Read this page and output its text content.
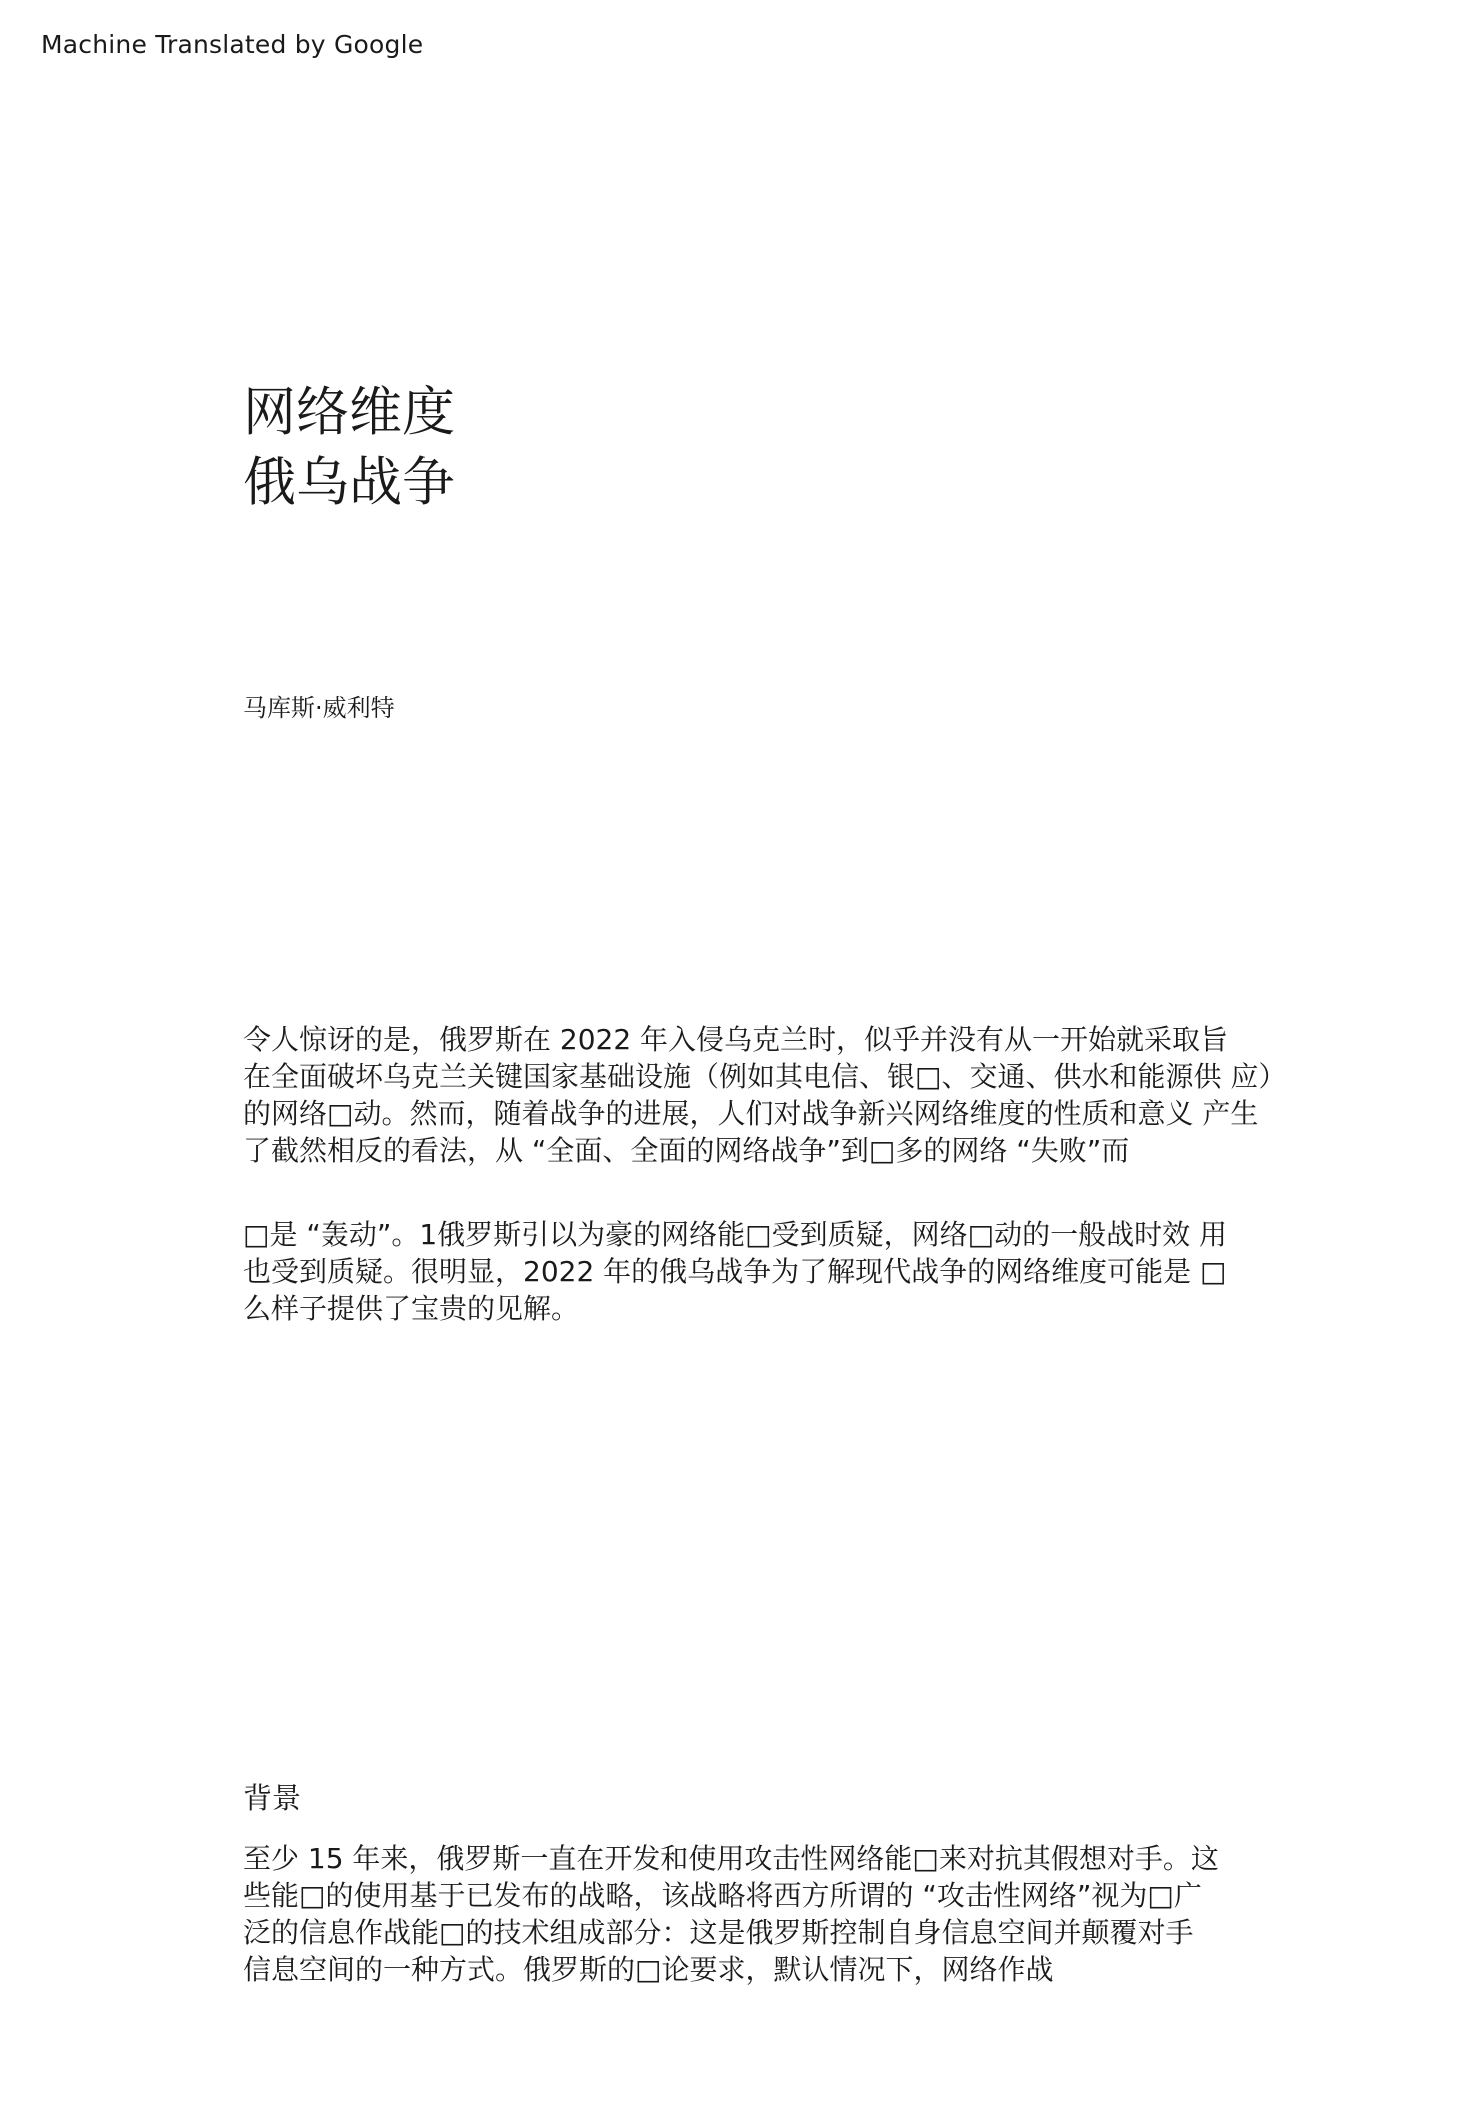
Machine Translated by Google
网络维度
俄乌战争
马库斯·威利特
令人惊讶的是，俄罗斯在 2022 年入侵乌克兰时，似乎并没有从一开始就采取旨
在全面破坏乌克兰关键国家基础设施（例如其电信、银□、交通、供水和能源供 应）
的网络□动。然而，随着战争的进展，人们对战争新兴网络维度的性质和意义 产生
了截然相反的看法，从 “全面、全面的网络战争”到□多的网络 “失败”而
□是 “轰动”。1俄罗斯引以为豪的网络能□受到质疑，网络□动的一般战时效 用
也受到质疑。很明显，2022 年的俄乌战争为了解现代战争的网络维度可能是 □
么样子提供了宝贵的见解。
背景
至少 15 年来，俄罗斯一直在开发和使用攻击性网络能□来对抗其假想对手。这
些能□的使用基于已发布的战略，该战略将西方所谓的 “攻击性网络”视为□广
泛的信息作战能□的技术组成部分：这是俄罗斯控制自身信息空间并颠覆对手
信息空间的一种方式。俄罗斯的□论要求，默认情况下，网络作战
